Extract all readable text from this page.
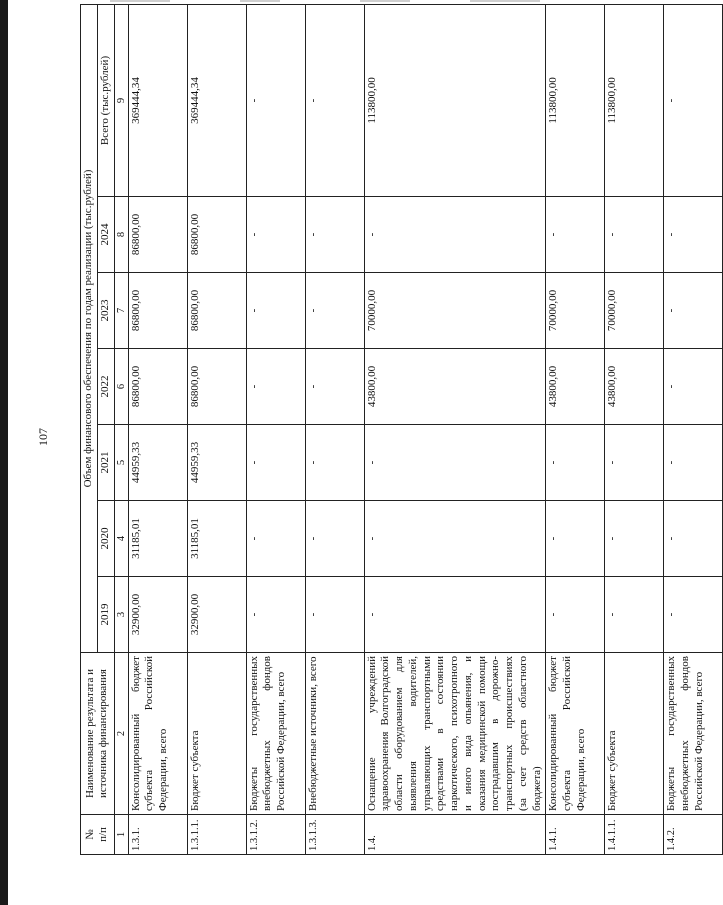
107
№ п/п	Наименование результата и источника финансирования	Объем финансового обеспечения по годам реализации (тыс.рублей)						
		2019	2020	2021	2022	2023	2024	Всего (тыс.рублей)
1	2	3	4	5	6	7	8	9
1.3.1.	Консолидированный бюджет субъекта Российской Федерации, всего	32900,00	31185,01	44959,33	86800,00	86800,00	86800,00	369444,34
1.3.1.1.	Бюджет субъекта	32900,00	31185,01	44959,33	86800,00	86800,00	86800,00	369444,34
1.3.1.2.	Бюджеты государственных внебюджетных фондов Российской Федерации, всего	-	-	-	-	-	-	-
1.3.1.3.	Внебюджетные источники, всего	-	-	-	-	-	-	-
1.4.	Оснащение учреждений здравоохранения Волгоградской области оборудованием для выявления водителей, управляющих транспортными средствами в состоянии наркотического, психотропного и иного вида опьянения, и оказания медицинской помощи пострадавшим в дорожно-транспортных происшествиях (за счет средств областного бюджета)	-	-	-	43800,00	70000,00	-	113800,00
1.4.1.	Консолидированный бюджет субъекта Российской Федерации, всего	-	-	-	43800,00	70000,00	-	113800,00
1.4.1.1.	Бюджет субъекта	-	-	-	43800,00	70000,00	-	113800,00
1.4.2.	Бюджеты государственных внебюджетных фондов Российской Федерации, всего	-	-	-	-	-	-	-
